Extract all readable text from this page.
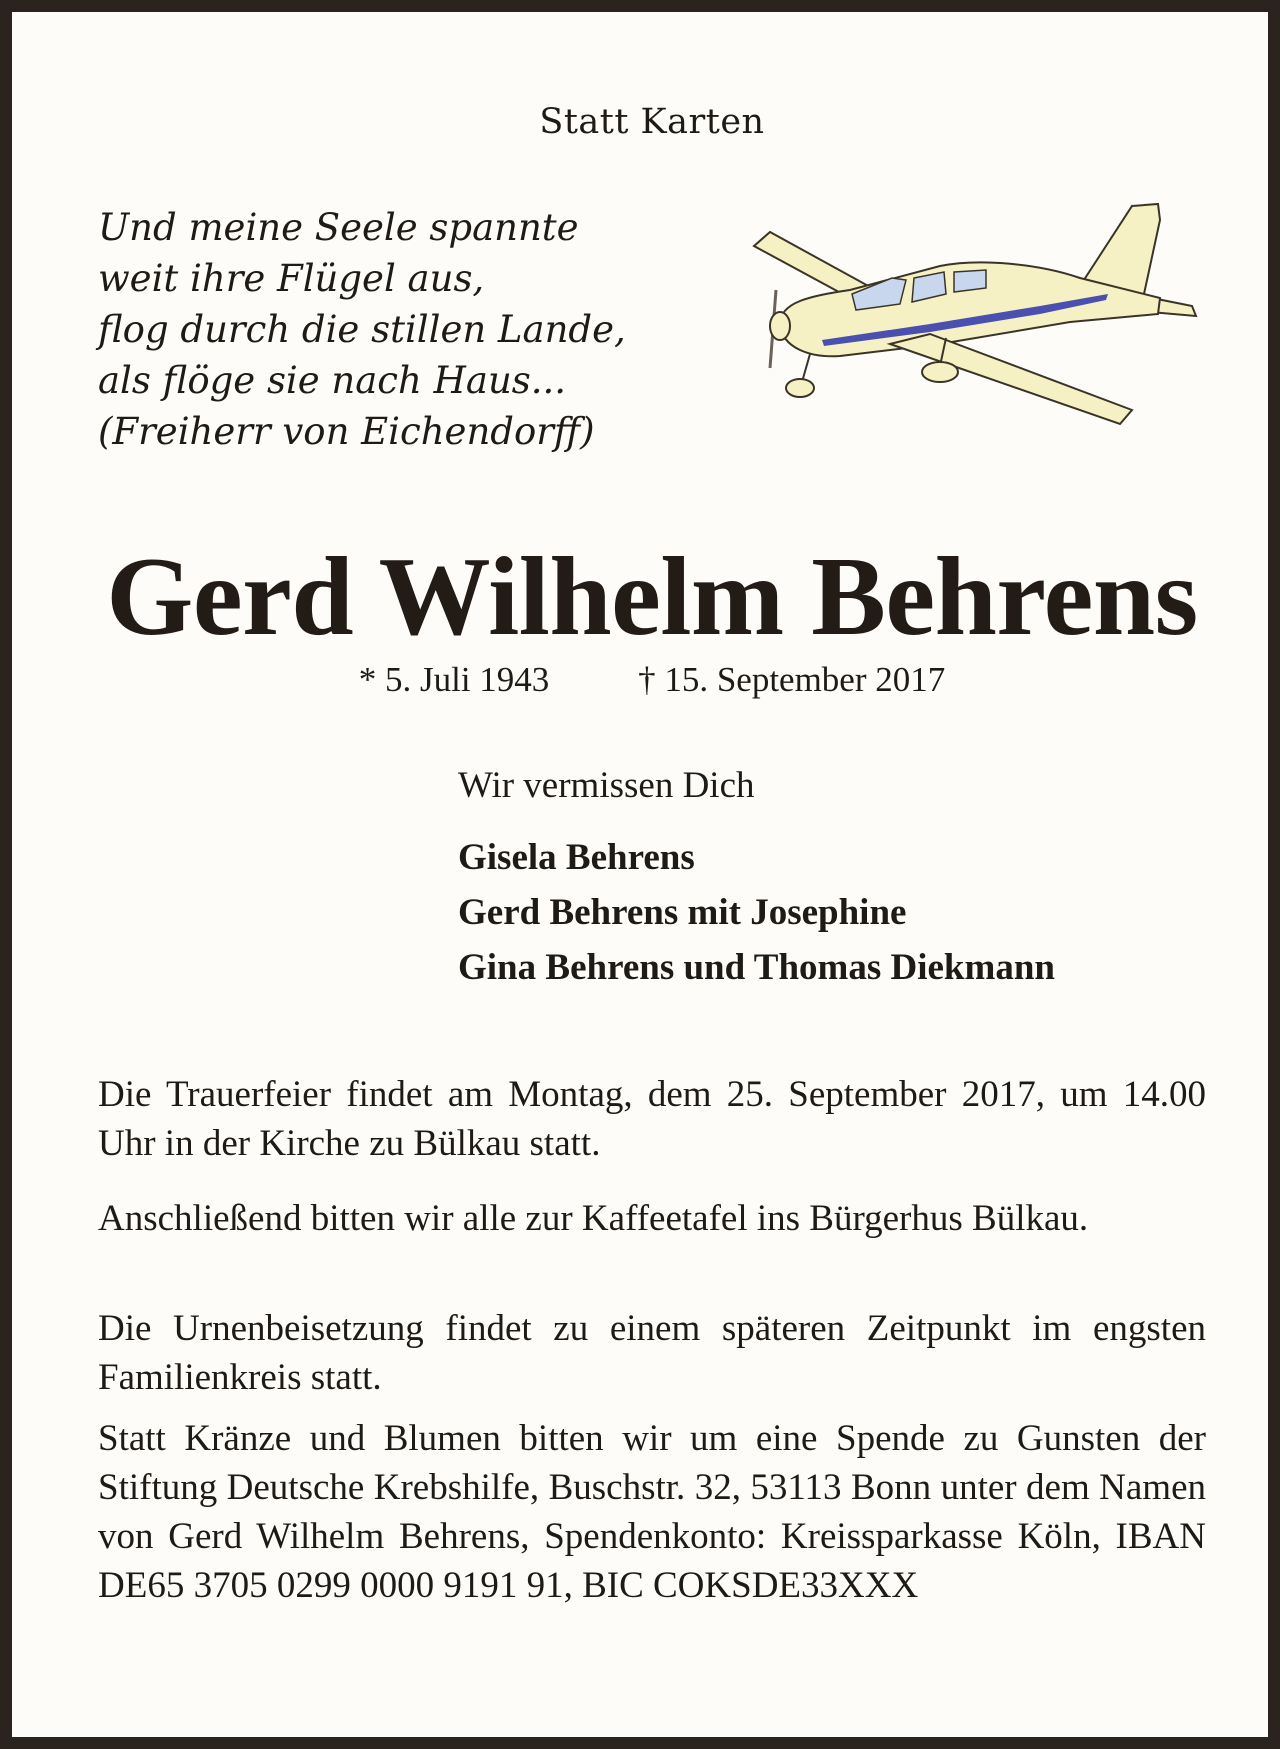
Statt Karten
Und meine Seele spannte
weit ihre Flügel aus,
flog durch die stillen Lande,
als flöge sie nach Haus...
(Freiherr von Eichendorff)
Gerd Wilhelm Behrens
* 5. Juli 1943	† 15. September 2017
Wir vermissen Dich
Gisela Behrens
Gerd Behrens mit Josephine
Gina Behrens und Thomas Diekmann
Die Trauerfeier findet am Montag, dem 25. September 2017, um 14.00 Uhr in der Kirche zu Bülkau statt.
Anschließend bitten wir alle zur Kaffeetafel ins Bürgerhus Bülkau.
Die Urnenbeisetzung findet zu einem späteren Zeitpunkt im engsten Familienkreis statt.
Statt Kränze und Blumen bitten wir um eine Spende zu Gunsten der Stiftung Deutsche Krebshilfe, Buschstr. 32, 53113 Bonn unter dem Namen von Gerd Wilhelm Behrens, Spendenkonto: Kreissparkasse Köln, IBAN DE65 3705 0299 0000 9191 91, BIC COKSDE33XXX
